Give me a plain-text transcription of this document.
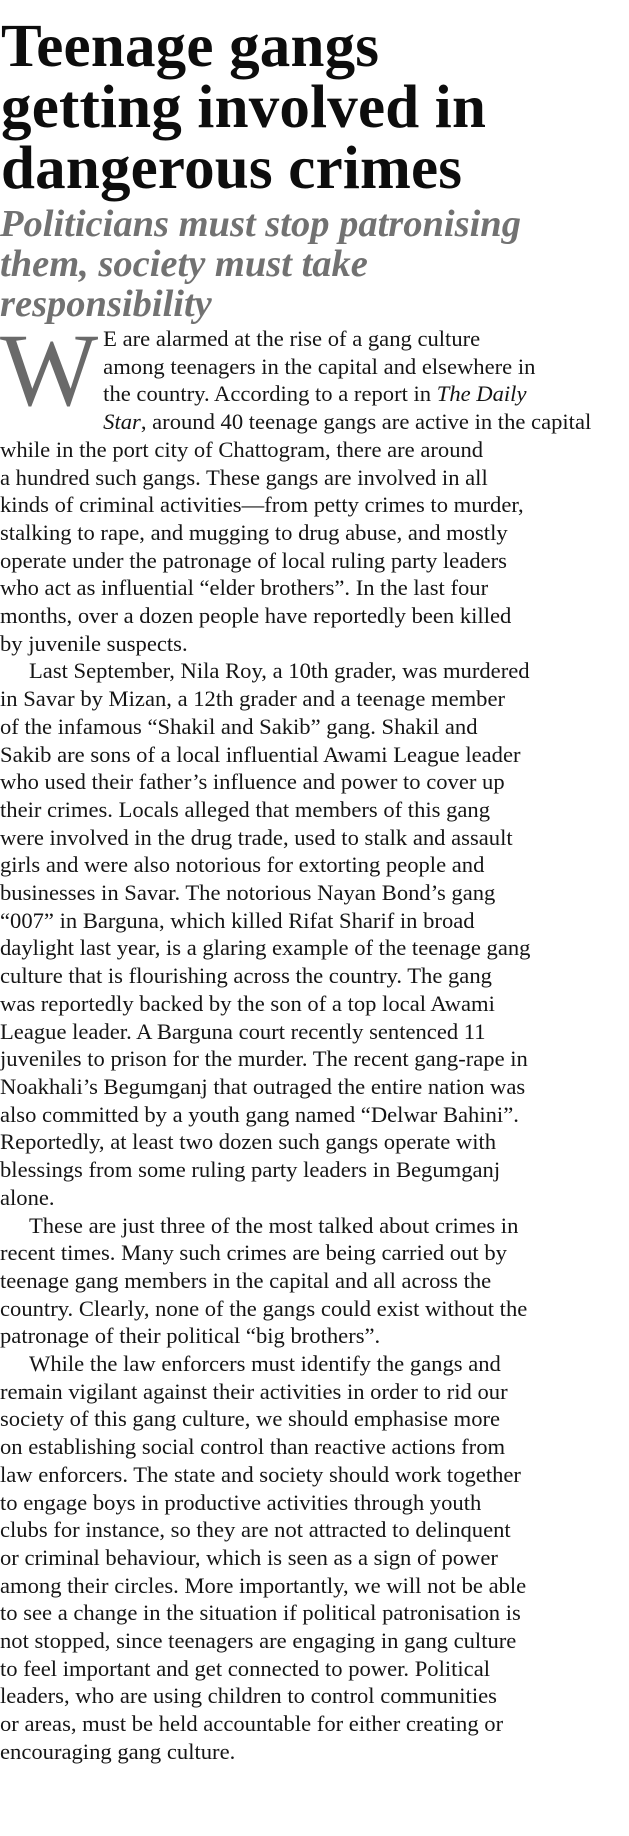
Teenage gangs
getting involved in
dangerous crimes
Politicians must stop patronising
them, society must take
responsibility

W E are alarmed at the rise of a gang culture
among teenagers in the capital and elsewhere in
the country. According to a report in The Daily
Star, around 40 teenage gangs are active in the capital
while in the port city of Chattogram, there are around
a hundred such gangs. These gangs are involved in all
kinds of criminal activities—from petty crimes to murder,
stalking to rape, and mugging to drug abuse, and mostly
operate under the patronage of local ruling party leaders
who act as influential “elder brothers”. In the last four
months, over a dozen people have reportedly been killed
by juvenile suspects.

Last September, Nila Roy, a 10th grader, was murdered

in Savar by Mizan, a 12th grader and a teenage member
of the infamous “Shakil and Sakib” gang. Shakil and
Sakib are sons of a local influential Awami League leader
who used their father’s influence and power to cover up
their crimes. Locals alleged that members of this gang
were involved in the drug trade, used to stalk and assault
girls and were also notorious for extorting people and
businesses in Savar. The notorious Nayan Bond’s gang
“007” in Barguna, which killed Rifat Sharif in broad
daylight last year, is a glaring example of the teenage gang
culture that is flourishing across the country. The gang
was reportedly backed by the son of a top local Awami
League leader. A Barguna court recently sentenced 11
juveniles to prison for the murder. The recent gang-rape in
Noakhali’s Begumganj that outraged the entire nation was
also committed by a youth gang named “Delwar Bahini”.
Reportedly, at least two dozen such gangs operate with
blessings from some ruling party leaders in Begumganj
alone.

These are just three of the most talked about crimes in

recent times. Many such crimes are being carried out by
teenage gang members in the capital and all across the
country. Clearly, none of the gangs could exist without the
patronage of their political “big brothers”.

While the law enforcers must identify the gangs and

remain vigilant against their activities in order to rid our
society of this gang culture, we should emphasise more
on establishing social control than reactive actions from
law enforcers. The state and society should work together
to engage boys in productive activities through youth
clubs for instance, so they are not attracted to delinquent
or criminal behaviour, which is seen as a sign of power
among their circles. More importantly, we will not be able
to see a change in the situation if political patronisation is
not stopped, since teenagers are engaging in gang culture
to feel important and get connected to power. Political
leaders, who are using children to control communities
or areas, must be held accountable for either creating or
encouraging gang culture.
